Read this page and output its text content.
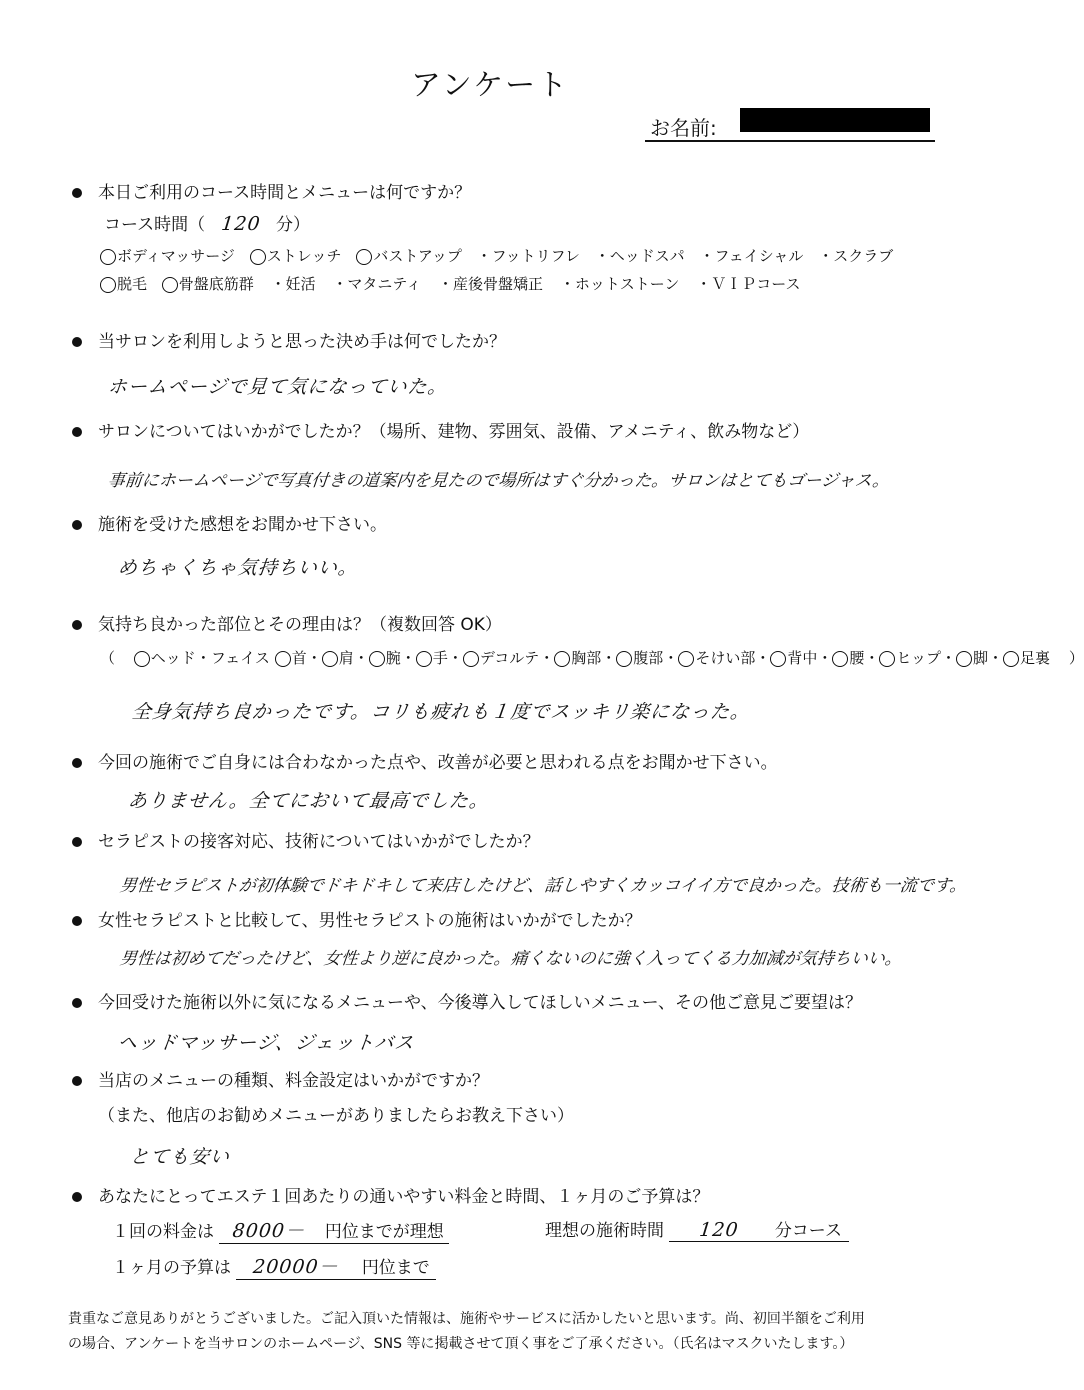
アンケート
お名前:
本日ご利用のコース時間とメニューは何ですか？
コース時間（ 120 分）
ボディマッサージ ○ストレッチ ○バストアップ ・フットリフレ ・ヘッドスパ ・フェイシャル ・スクラブ
脱毛 ○骨盤底筋群 ・妊活 ・マタニティ ・産後骨盤矯正 ・ホットストーン ・ＶＩＰコース
当サロンを利用しようと思った決め手は何でしたか？
ホームページで見て気になっていた。
サロンについてはいかがでしたか？（場所、建物、雰囲気、設備、アメニティ、飲み物など）
事前にホームページで写真付きの道案内を見たので場所はすぐ分かった。サロンはとてもゴージャス。
施術を受けた感想をお聞かせ下さい。
めちゃくちゃ気持ちいい。
気持ち良かった部位とその理由は？（複数回答 OK）
（ ○ヘッド・フェイス ○首・○肩・○腕・○手・○デコルテ・○胸部・○腹部・○そけい部・○背中・○腰・○ヒップ・○脚・○足裏 ）
全身気持ち良かったです。コリも疲れも１度でスッキリ楽になった。
今回の施術でご自身には合わなかった点や、改善が必要と思われる点をお聞かせ下さい。
ありません。全てにおいて最高でした。
セラピストの接客対応、技術についてはいかがでしたか？
男性セラピストが初体験でドキドキして来店したけど、話しやすくカッコイイ方で良かった。技術も一流です。
女性セラピストと比較して、男性セラピストの施術はいかがでしたか？
男性は初めてだったけど、女性より逆に良かった。痛くないのに強く入ってくる力加減が気持ちいい。
今回受けた施術以外に気になるメニューや、今後導入してほしいメニュー、その他ご意見ご要望は？
ヘッドマッサージ、ジェットバス
当店のメニューの種類、料金設定はいかがですか？
（また、他店のお勧めメニューがありましたらお教え下さい）
とても安い
あなたにとってエステ１回あたりの通いやすい料金と時間、１ヶ月のご予算は？
１回の料金は 8000－ 円位までが理想	理想の施術時間 120 分コース
１ヶ月の予算は 20000－ 円位まで
貴重なご意見ありがとうございました。ご記入頂いた情報は、施術やサービスに活かしたいと思います。尚、初回半額をご利用
の場合、アンケートを当サロンのホームページ、SNS 等に掲載させて頂く事をご了承ください。（氏名はマスクいたします。）
